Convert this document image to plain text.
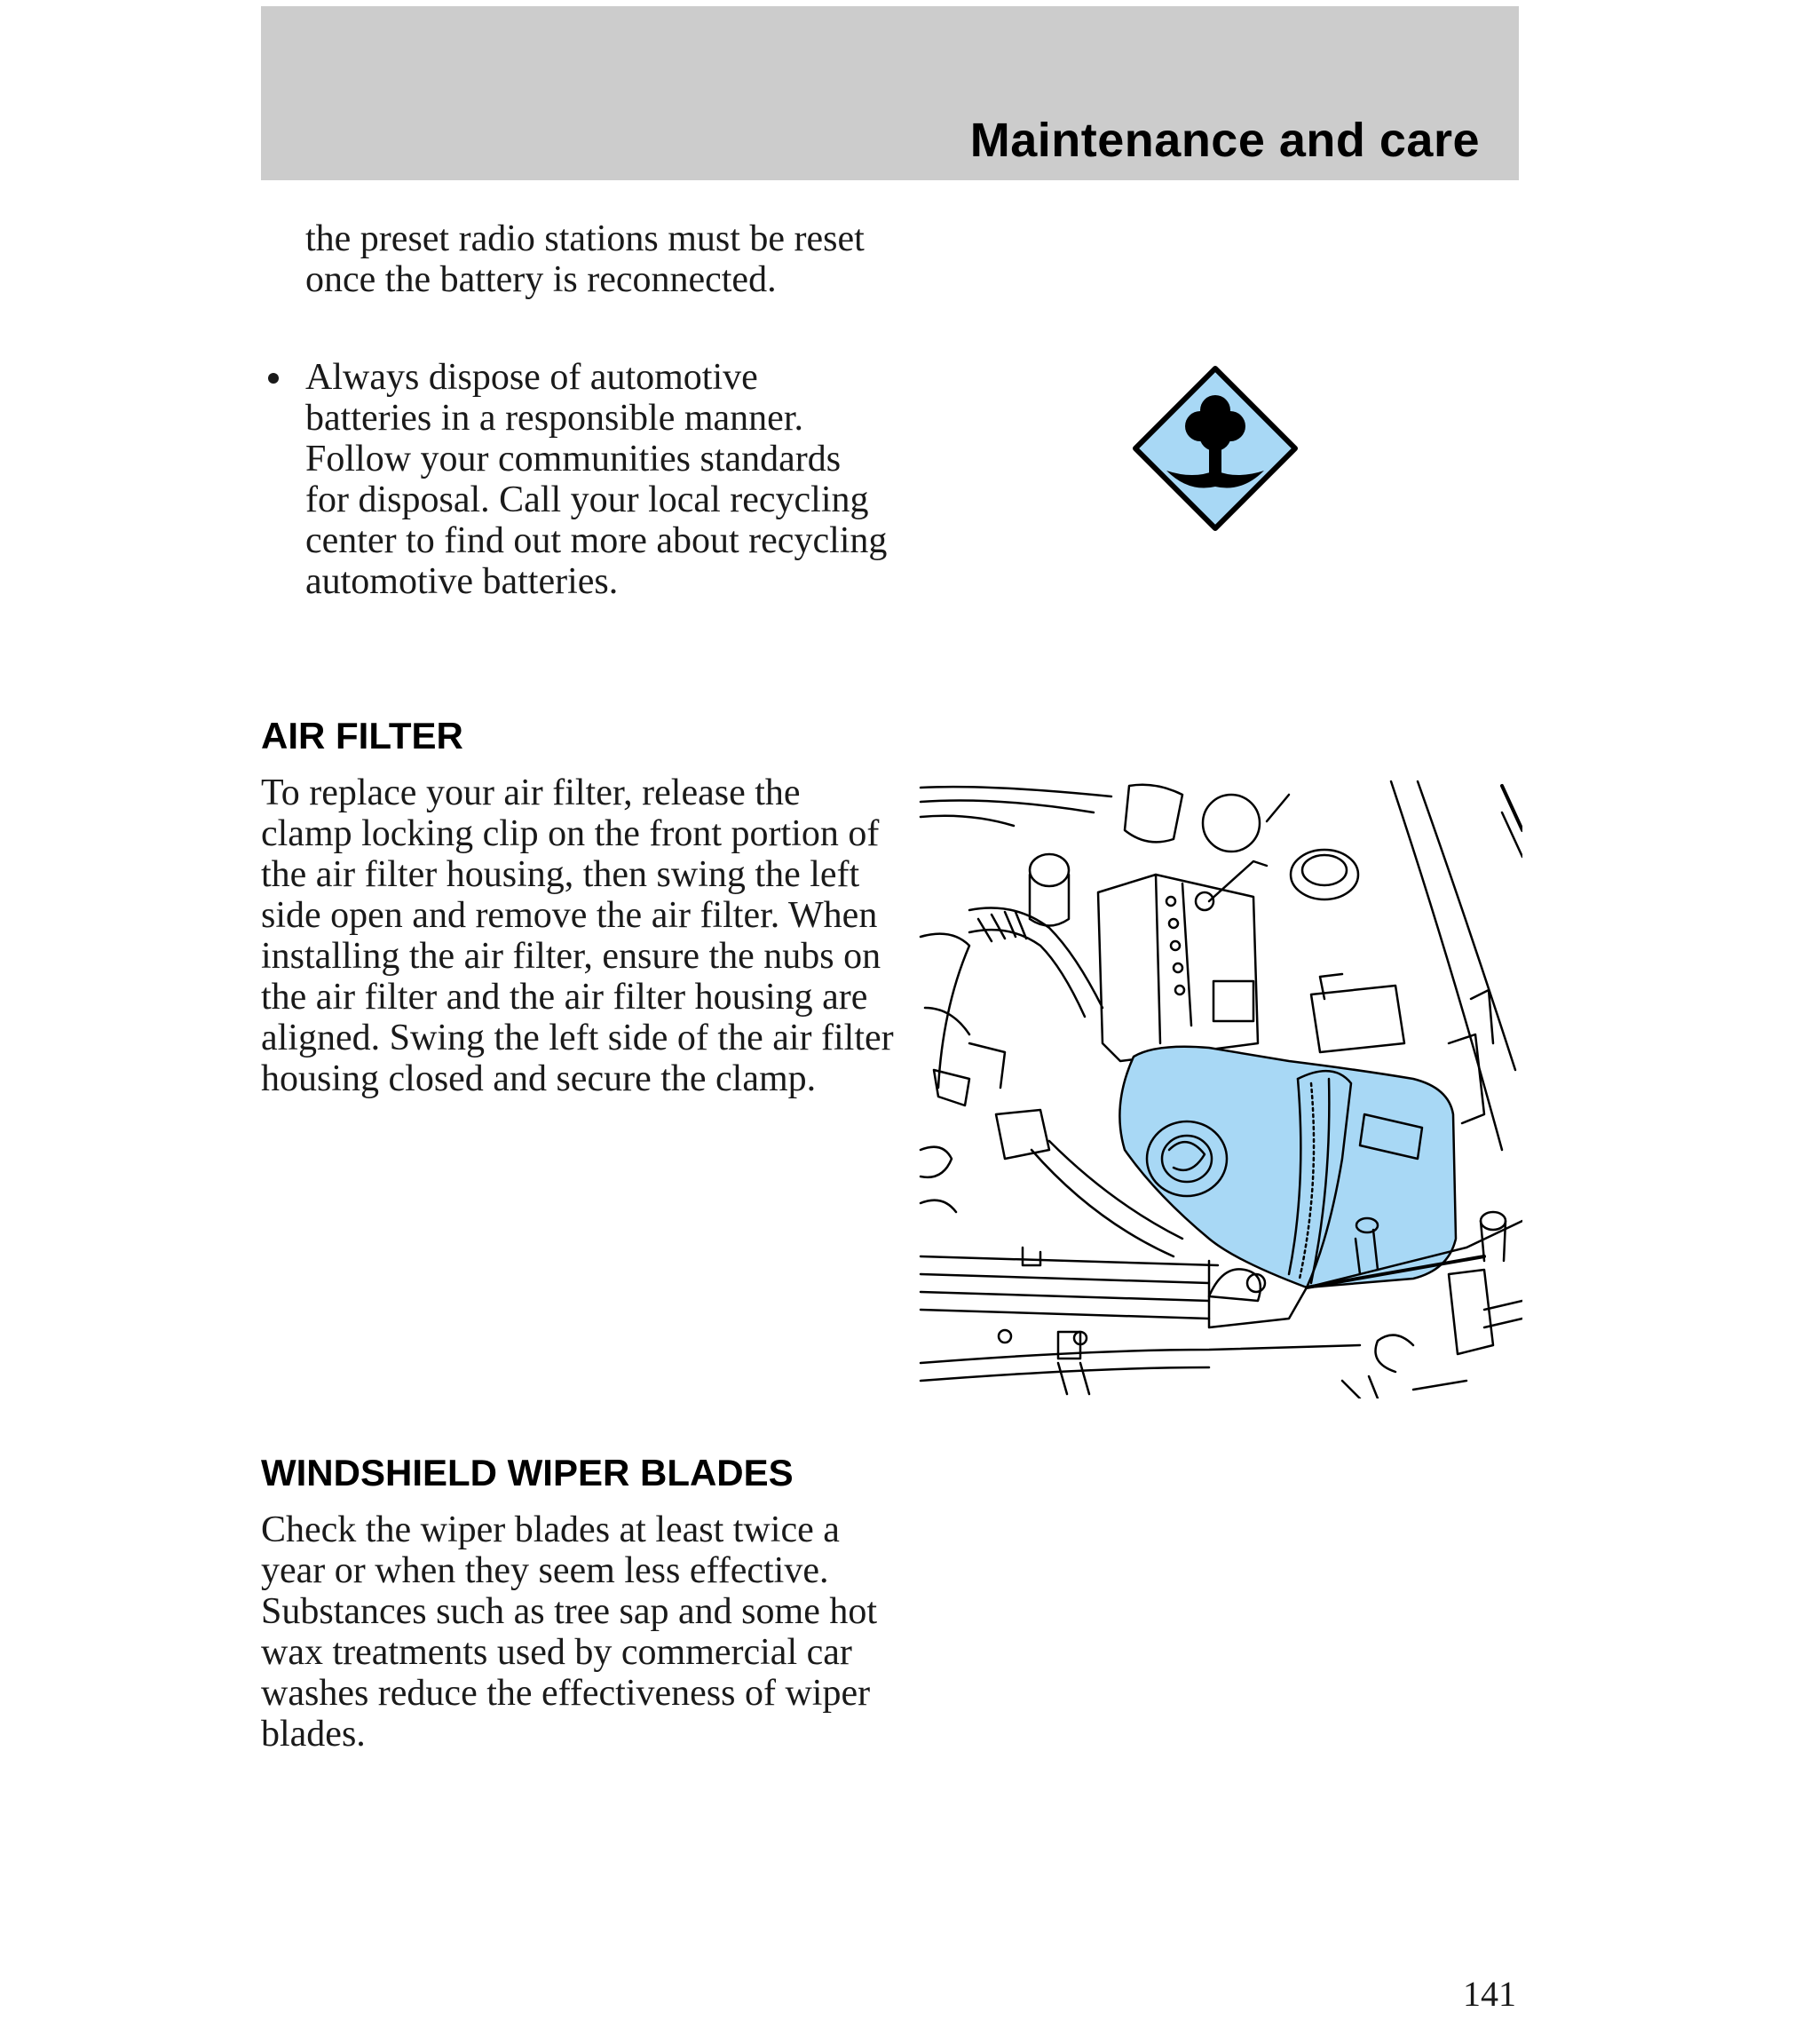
Maintenance and care
the preset radio stations must be reset once the battery is reconnected.
Always dispose of automotive batteries in a responsible manner. Follow your communities standards for disposal. Call your local recycling center to find out more about recycling automotive batteries.
AIR FILTER
To replace your air filter, release the clamp locking clip on the front portion of the air filter housing, then swing the left side open and remove the air filter. When installing the air filter, ensure the nubs on the air filter and the air filter housing are aligned. Swing the left side of the air filter housing closed and secure the clamp.
WINDSHIELD WIPER BLADES
Check the wiper blades at least twice a year or when they seem less effective. Substances such as tree sap and some hot wax treatments used by commercial car washes reduce the effectiveness of wiper blades.
141
